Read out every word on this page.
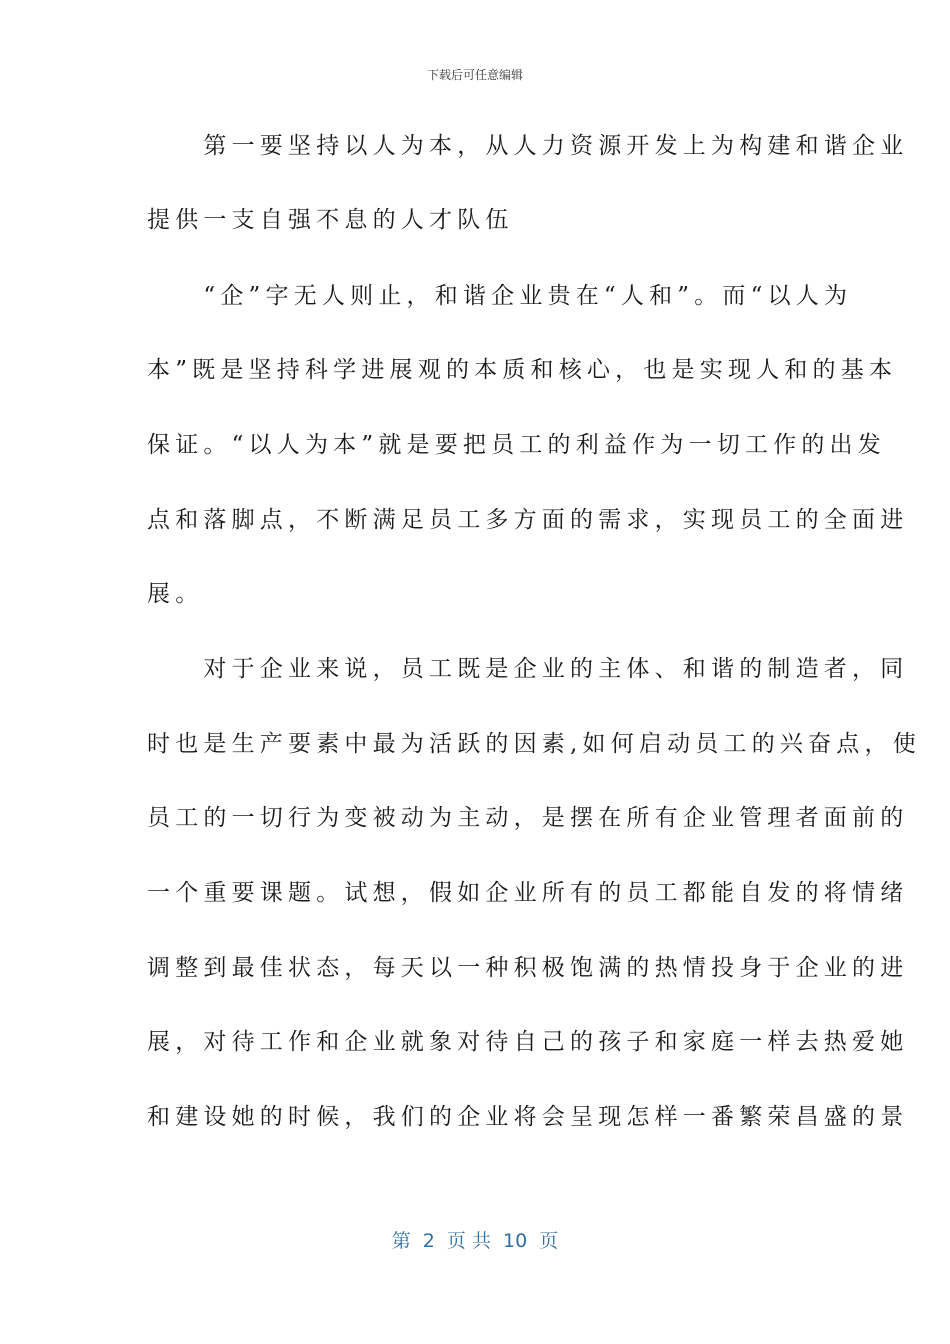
下载后可任意编辑
　　第一要坚持以人为本，从人力资源开发上为构建和谐企业
提供一支自强不息的人才队伍
　　“企”字无人则止，和谐企业贵在“人和”。而“以人为
本”既是坚持科学进展观的本质和核心，也是实现人和的基本
保证。“以人为本”就是要把员工的利益作为一切工作的出发
点和落脚点，不断满足员工多方面的需求，实现员工的全面进
展。
　　对于企业来说，员工既是企业的主体、和谐的制造者，同
时也是生产要素中最为活跃的因素,如何启动员工的兴奋点，使
员工的一切行为变被动为主动，是摆在所有企业管理者面前的
一个重要课题。试想，假如企业所有的员工都能自发的将情绪
调整到最佳状态，每天以一种积极饱满的热情投身于企业的进
展，对待工作和企业就象对待自己的孩子和家庭一样去热爱她
和建设她的时候，我们的企业将会呈现怎样一番繁荣昌盛的景
第  2  页 共  10  页
